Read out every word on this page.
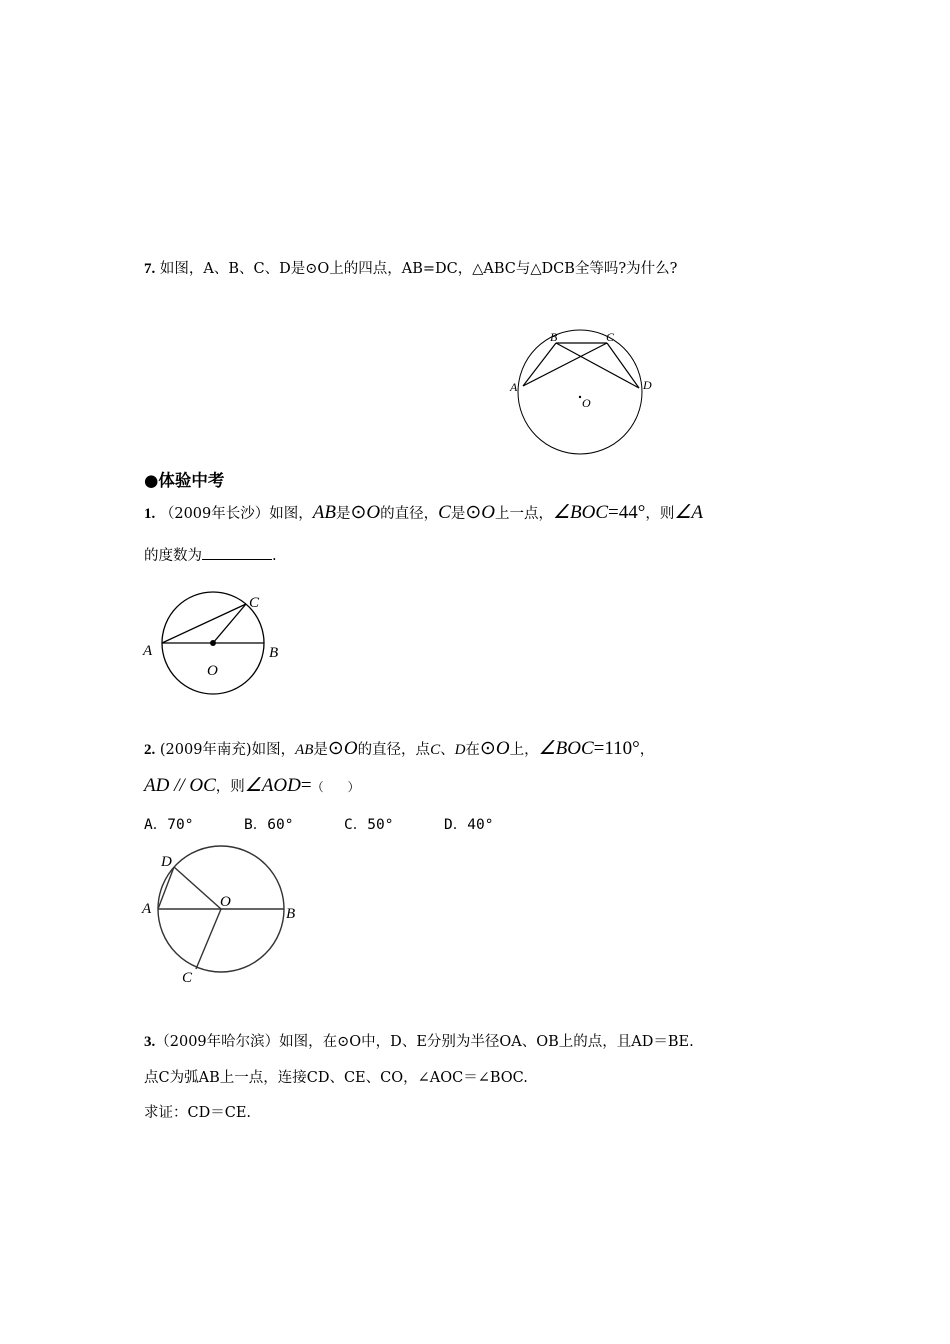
7. 如图，A、B、C、D是⊙O上的四点，AB=DC，△ABC与△DCB全等吗?为什么?
A
B	C
D
O
●体验中考
1. （2009年长沙）如图，AB是⊙O的直径，C是⊙O上一点，∠BOC=44°，则∠A
的度数为	.
A	B
C
O
2. (2009年南充)如图，AB是⊙O的直径，点C、D在⊙O上，∠BOC=110°，
AD // OC，则∠AOD=（　　）
A．70°	B．60°	C．50°	D．40°
A	B
C
D
O
3.（2009年哈尔滨）如图，在⊙O中，D、E分别为半径OA、OB上的点，且AD＝BE.
点C为弧AB上一点，连接CD、CE、CO，∠AOC＝∠BOC.
求证：CD＝CE.
